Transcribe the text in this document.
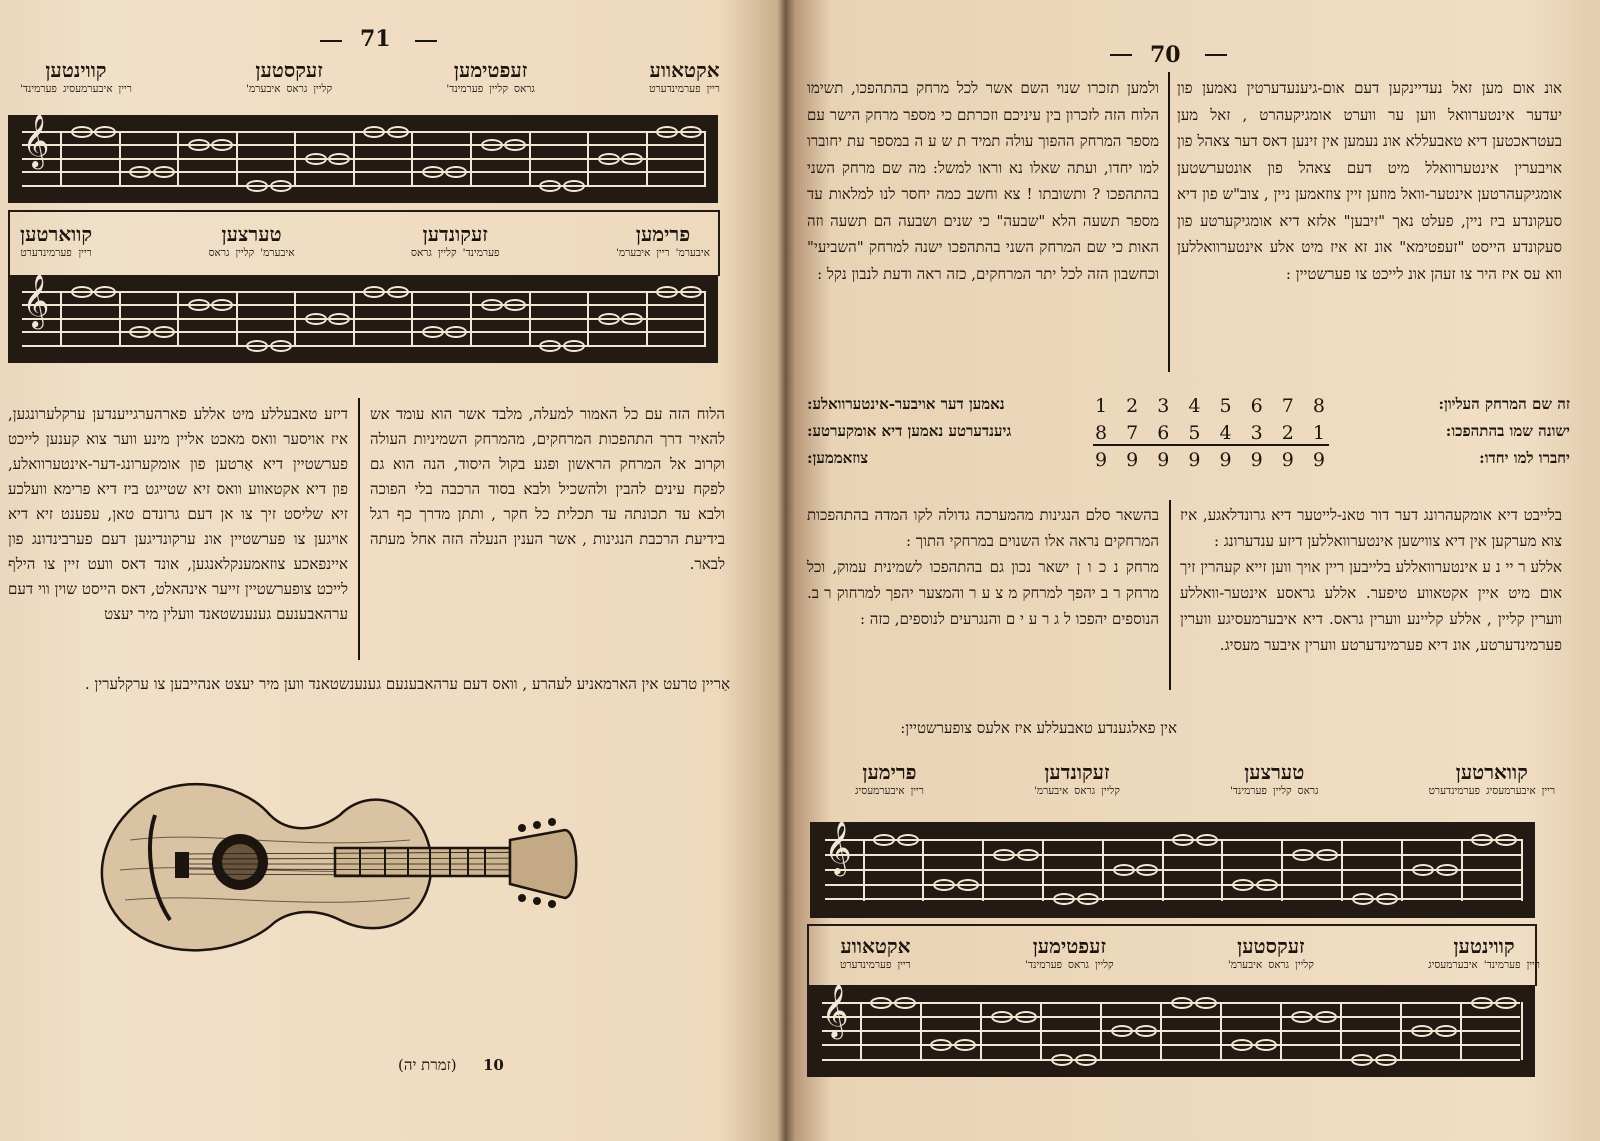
71
אקטאווע
פערמינדערט ריין
זעפטימען
פערמינד' קליין גראס
זעקסטען
איבערמ' גראס קליין
קווינטען
פערמינד' איבערמעסיג ריין
𝄞
פרימען
איבערמ' ריין איבערמ'
זעקונדען
גראס קליין פערמינד'
טערצען
גראס קליין איבערמ'
קווארטען
פערמינדערט ריין
𝄞

הלוח הזה עם כל האמור למעלה, מלבד אשר הוא עומד אש להאיר דרך התהפכות המרחקים, מהמרחק השמיניות העולה וקרוב אל המרחק הראשון ופגע בקול היסוד, הנה הוא גם לפקח עינים להבין ולהשכיל ולבא בסוד הרכבה בלי הפוכה ולבא עד תכונתה עד תכלית כל חקר , ותתן מדרך כף רגל בידיעת הרכבת הנגינות , אשר הענין הנעלה הזה אחל מעתה לבאר.

דיזע טאבעללע מיט אללע פארהערגייענדען ערקלערונגען, איז אויסער וואס מאכט אליין מינע ווער צוא קענען לייכט פערשטיין דיא אַרטען פון אומקערונג-דער-אינטערוואלע, פון דיא אקטאווע וואס זיא שטייגט ביז דיא פרימא וועלכע זיא שליסט זיך צו אן דעם גרונדם טאן, עפענט זיא דיא אויגען צו פערשטיין אונ ערקונדיגען דעם פערבינדונג פון איינפאכע צוזאמענקלאנגען, אונד דאס וועט זיין צו הילף לייכט צופערשטיין זייער אינהאלט, דאס הייסט שוין ווי דעם ערהאבענעם גענענשטאנד וועלין מיר יעצט

אַריין טרעט אין הארמאניע לעהרע , וואס דעם ערהאבענעם גענענשטאנד ווען מיר יעצט אנהייבען צו ערקלערין .

10
(זמרת יה)
70

אונ אום מען זאל נעדיינקען דעם אום-גיענעדערטין נאמען פון יעדער אינטערוואל ווען ער ווערט אומגיקעהרט , זאל מען בעטראכטען דיא טאבעללא אונ נעמען אין זינען דאס דער צאהל פון אויבערין אינטערוואלל מיט דעם צאהל פון אונטערשטען אומגיקעהרטען אינטער-וואל מוזען זיין צוזאמען ניין , צוב"ש פון דיא סעקונדע ביז ניין, פעלט נאך "זיבען" אלזא דיא אומגיקערטע פון סעקונדע הייסט "זעפטימא" אונ זא איז מיט אלע אינטערוואללען ווא עס איז היר צו זעהן אונ לייכט צו פערשטיין :

ולמען תזכרו שנוי השם אשר לכל מרחק בהתהפכו, תשימו הלוח הזה לזכרון בין עיניכם וזכרתם כי מספר מרחק הישר עם מספר המרחק ההפוך עולה תמיד ת ש ע ה במספר עת יחוברו למו יחדו, ועתה שאלו נא וראו למשל: מה שם מרחק השני בהתהפכו ? ותשובתו ! צא וחשב כמה יחסר לנו למלאות עד מספר תשעה הלא "שבעה" כי שנים ושבעה הם תשעה וזה האות כי שם המרחק השני בהתהפכו ישנה למרחק "השביעי" וכחשבון הזה לכל יתר המרחקים, כזה ראה ודעת לנבון נקל :

זה שם המרחק העליון:
1 2 3 4 5 6 7 8
נאמען דער אויבער-אינטערוואלע:
ישונה שמו בהתהפכו:
8 7 6 5 4 3 2 1
גיענדערטע נאמען דיא אומקערטע:
יחברו למו יחדו:
9 9 9 9 9 9 9 9
צוזאממען:

בלייבט דיא אומקעהרונג דער דור טאנ-לייטער דיא גרונדלאגע, איז צוא מערקען אין דיא צווישען אינטערוואללען דיזע ענדערונג :

אללע ר יי נ ע אינטערוואללע בלייבען ריין אויך ווען זייא קעהרין זיך אום מיט איין אקטאווע טיפער. אללע גראסע אינטער-וואללע ווערין קליין , אללע קליינע ווערין גראס. דיא איבערמעסיגע ווערין פערמינדערטע, אונ דיא פערמינדערטע ווערין איבער מעסיג.

בהשאר סלם הנגינות מהמערכה גדולה לקו המדה בהתהפכות המרחקים נראה אלו השנוים במרחקי התוך :

מרחק נ כ ו ן ישאר נכון גם בהתהפכו לשמינית עמוק, וכל מרחק ר ב יהפך למרחק מ צ ע ר והמצער יהפך למרחוק ר ב. הנוספים יהפכו ל ג ר ע י ם והנגרעים לנוספים, כזה :

אין פאלגענדע טאבעללע איז אלעס צופערשטיין:

קווארטען
פערמינדערט איבערמעסיג ריין
טערצען
פערמינד' קליין גראס
זעקונדען
איבערמ' גראס קליין
פרימען
איבערמעסיג ריין
𝄞
קווינטען
איבערמעסיג פערמינד' ריין
זעקסטען
איבערמ' גראס קליין
זעפטימען
פערמינד' גראס קליין
אקטאווע
פערמינדערט ריין
𝄞
